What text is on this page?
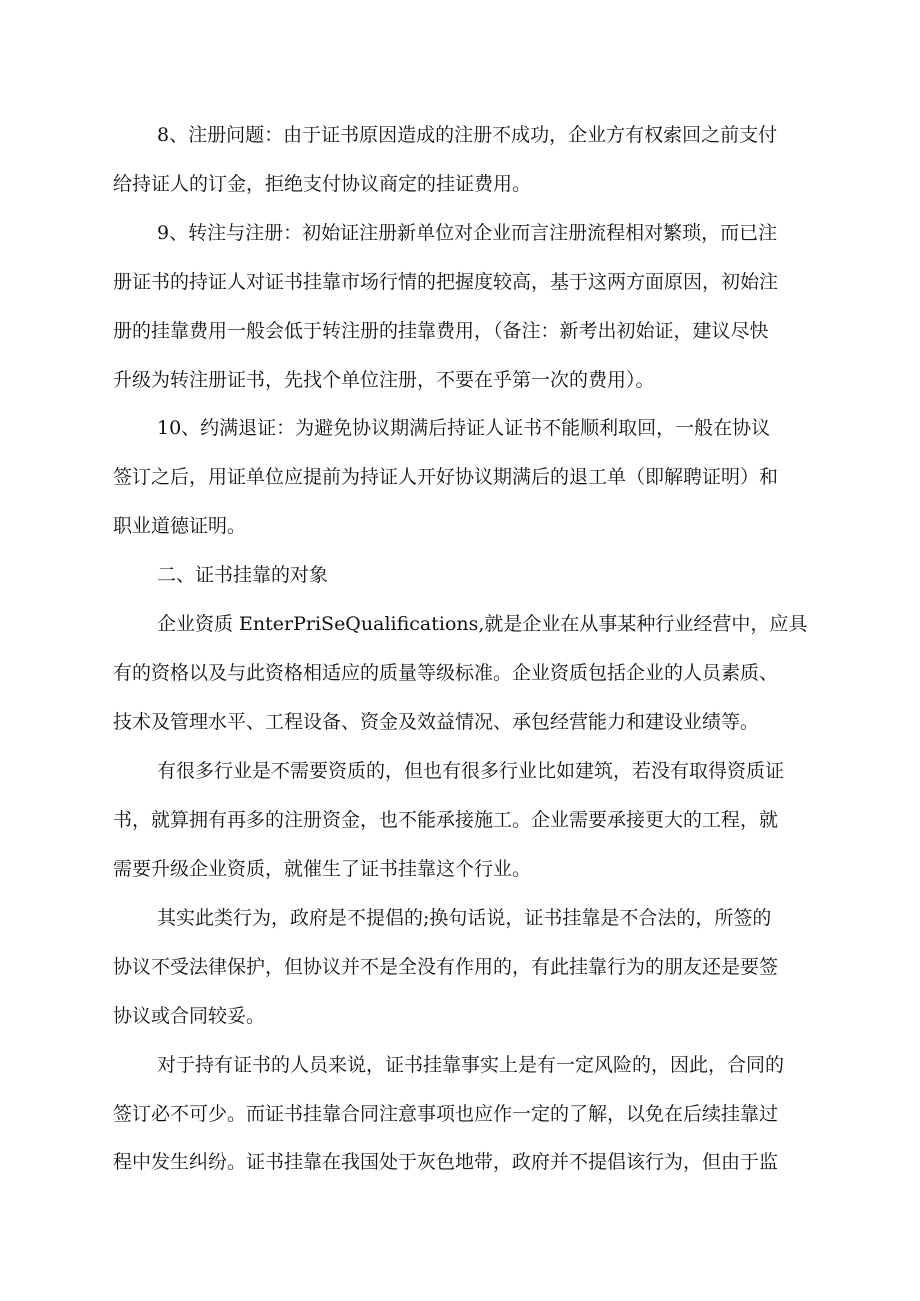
8、注册问题：由于证书原因造成的注册不成功，企业方有权索回之前支付

给持证人的订金，拒绝支付协议商定的挂证费用。

9、转注与注册：初始证注册新单位对企业而言注册流程相对繁琐，而已注

册证书的持证人对证书挂靠市场行情的把握度较高，基于这两方面原因，初始注

册的挂靠费用一般会低于转注册的挂靠费用，（备注：新考出初始证，建议尽快

升级为转注册证书，先找个单位注册，不要在乎第一次的费用）。

10、约满退证：为避免协议期满后持证人证书不能顺利取回，一般在协议

签订之后，用证单位应提前为持证人开好协议期满后的退工单（即解聘证明）和

职业道德证明。

二、证书挂靠的对象

企业资质 EnterPriSeQualifications,就是企业在从事某种行业经营中，应具

有的资格以及与此资格相适应的质量等级标准。企业资质包括企业的人员素质、

技术及管理水平、工程设备、资金及效益情况、承包经营能力和建设业绩等。

有很多行业是不需要资质的，但也有很多行业比如建筑，若没有取得资质证

书，就算拥有再多的注册资金，也不能承接施工。企业需要承接更大的工程，就

需要升级企业资质，就催生了证书挂靠这个行业。

其实此类行为，政府是不提倡的;换句话说，证书挂靠是不合法的，所签的

协议不受法律保护，但协议并不是全没有作用的，有此挂靠行为的朋友还是要签

协议或合同较妥。

对于持有证书的人员来说，证书挂靠事实上是有一定风险的，因此，合同的

签订必不可少。而证书挂靠合同注意事项也应作一定的了解，以免在后续挂靠过

程中发生纠纷。证书挂靠在我国处于灰色地带，政府并不提倡该行为，但由于监
